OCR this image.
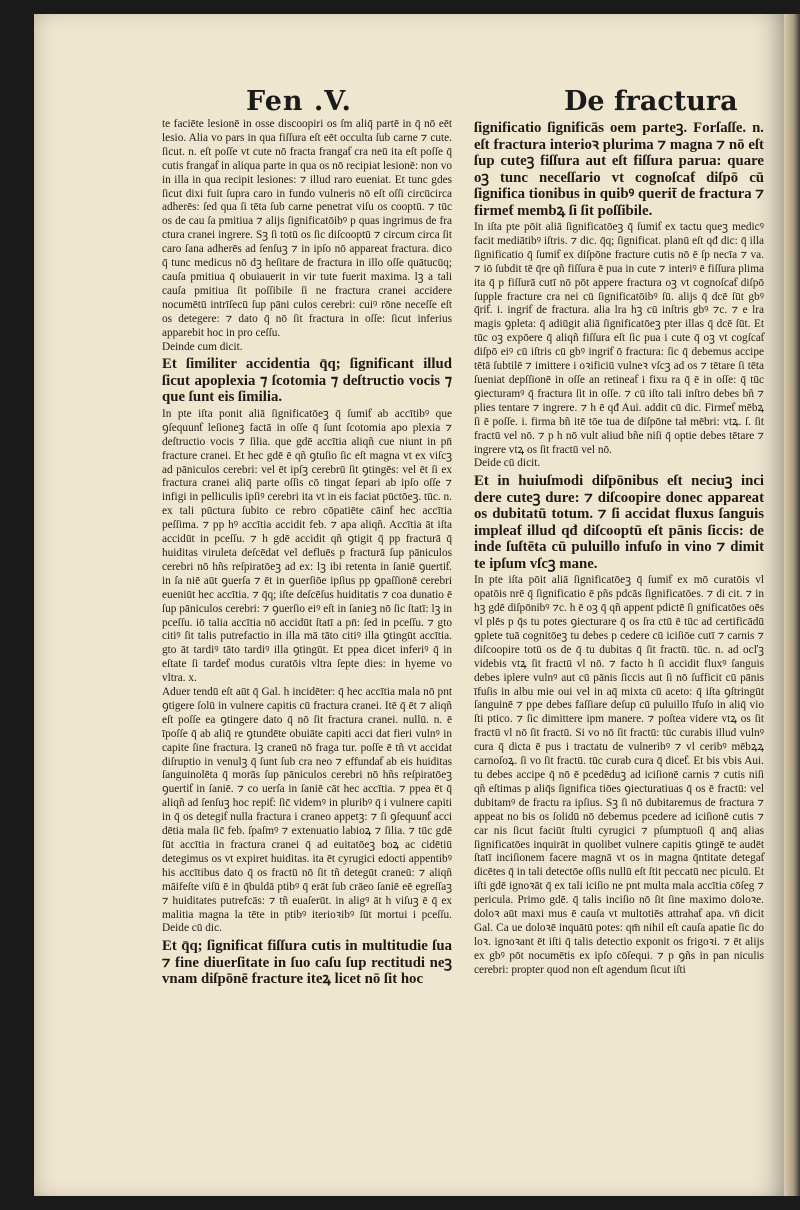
Fen .V.	De fractura

te faciēte lesionē in osse discoopiri os ſm aliq̄ partē in q̄ nō eēt lesio. Alia vo pars in qua fiſſura eſt eēt occulta ſub carne ⁊ cute. ſicut. n. eſt poſſe vt cute nō fracta frangaƭ cra neū ita eſt poſſe q̄ cutis frangaƭ in aliqua parte in qua os nō recipiat lesionē: non vo in illa in qua recipit lesiones: ⁊ illud raro eueniat. Et tunc gdes ſicut dixi fuit ſupra caro in fundo vulneris nō eſt oſſi circūcirca adherēs: ſed qua ſi tēta ſub carne penetrat viſu os cooptū. ⁊ tūc os de cau ſa pmitiua ⁊ alijs ſignificatōibꝰ p quas ingrimus de fra ctura cranei ingrere. Sꝫ ſi totū os ſic diſcooptū ⁊ circum circa ſit caro ſana adherēs ad ſenſuꝫ ⁊ in ipſo nō appareat fractura. dico q̄ tunc medicus nō dꝫ heſitare de fractura in illo oſſe quātucūq; cauſa pmitiua q̄ obuiauerit in vir tute fuerit maxima. lꝫ a tali cauſa pmitiua ſit poſſibile ſi ne fractura cranei accidere nocumētū intrīſecū ſup pāni culos cerebri: cuiꝰ rōne neceſſe eſt os detegere: ⁊ dato q̄ nō ſit fractura in oſſe: ſicut inferius apparebit hoc in pro ceſſu.

Deinde cum dicit.

Et ſimiliter accidentia q̄q; ſignificant illud ſicut apoplexia ⁊ ſcotomia ⁊ deſtructio vocis ⁊ que ſunt eis ſimilia.

In pte iſta ponit aliā ſignificatōeꝫ q̄ ſumiƭ ab accītibꝰ que ꝯſequunƭ leſioneꝫ factā in oſſe q̄ ſunt ſcotomia apo plexia ⁊ deſtructio vocis ⁊ ſilia. que gdē accītia aliqñ cue niunt in pn̄ fracture cranei. Et hec gdē ē qñ ꝯtuſio ſic eſt magna vt ex viſcꝫ ad pāniculos cerebri: vel ēt ipſꝫ cerebrū ſit ꝯtingēs: vel ēt ſi ex fractura cranei aliq̄ parte oſſis cō tingat ſepari ab ipſo oſſe ⁊ infigi in pelliculis ipſiꝰ cerebri ita vt in eis faciat pūctōeꝫ. tūc. n. ex tali pūctura ſubito ce rebro cōpatiēte cāinƭ hec accītia peſſima. ⁊ pp hꝰ accītia accidit feb. ⁊ apa aliqñ. Accītia āt iſta accidūt in pceſſu. ⁊ h gdē accidit qñ ꝯtigit q̄ pp fracturā q̄ huiditas viruleta deſcēdat vel defluēs p fracturā ſup pāniculos cerebri nō hñs reſpiratōeꝫ ad ex: lꝫ ibi retenta in ſaniē ꝯuertiƭ. in ſa niē aūt ꝯuerſa ⁊ ēt in ꝯuerſiōe ipſius pp ꝯpaſſionē cerebri eueniūt hec accītia. ⁊ q̄q; iſte deſcēſus huiditatis ⁊ coa dunatio ē ſup pāniculos cerebri: ⁊ ꝯuerſio eiꝰ eſt in ſanieꝫ nō ſic ſtatī: lꝫ in pceſſu. iō talia accītia nō accidūt ſtatī a pn̄: ſed in pceſſu. ⁊ gto citiꝰ ſit talis putrefactio in illa mā tāto citiꝰ illa ꝯtingūt accītia. gto āt tardiꝰ tāto tardiꝰ illa ꝯtingūt. Et ppea dicet inferiꝰ q̄ in eſtate ſi tardeƭ modus curatōis vltra ſepte dies: in hyeme vo vltra. x.

Aduer tendū eſt aūt q̄ Gal. h incidēter: q̄ hec accītia mala nō pnt ꝯtigere ſolū in vulnere capitis cū fractura cranei. Itē q̄ ēt ⁊ aliqñ eſt poſſe ea ꝯtingere dato q̄ nō ſit fractura cranei. nullū. n. ē īpoſſe q̄ ab aliq̄ re ꝯtundēte obuiāte capiti acci dat fieri vulnꝰ in capite ſine fractura. lꝫ craneū nō fraga tur. poſſe ē tñ vt accidat diſruptio in venulꝫ q̄ ſunt ſub cra neo ⁊ effundaƭ ab eis huiditas ſanguinolēta q̄ morās ſup pāniculos cerebri nō hñs reſpiratōeꝫ ꝯuertiƭ in ſaniē. ⁊ co uerſa in ſaniē cāt hec accītia. ⁊ ppea ēt q̄ aliqñ ad ſenſuꝫ hoc repiƭ: ſic̄ videmꝰ in pluribꝰ q̄ i vulnere capiti in q̄ os detegiƭ nulla fractura i craneo appetꝫ: ⁊ ſi ꝯſequunƭ acci dētia mala ſic̄ feb. ſpaſmꝰ ⁊ extenuatio labioꝝ ⁊ ſilia. ⁊ tūc gdē ſūt accītia in fractura cranei q̄ ad euitatōeꝫ boꝝ ac cidētiū detegimus os vt expiret huiditas. ita ēt cyrugici edocti appentibꝰ his accītibus dato q̄ os fractū nō ſit tñ detegūt craneū: ⁊ aliqñ māifeſte viſū ē in q̄buldā ptibꝰ q̄ erāt ſub crāeo ſaniē eē egreſſaꝫ ⁊ huiditates putrefcās: ⁊ tñ euaſerūt. in aligꝰ āt h viſuꝫ ē q̄ ex malitia magna la tēte in ptibꝰ iterioꝛibꝰ ſūt mortui i pceſſu. Deide cū dic.

Et q̄q; ſignificat fiſſura cutis in multitudie ſua ⁊ fine diuerſitate in ſuo caſu ſup rectitudi neꝫ vnam diſpōnē fracture iteꝝ licet nō ſit hoc

ſignificatio ſignificās oem parteꝫ. Forſaſſe. n. eſt fractura interioꝛ plurima ⁊ magna ⁊ nō eſt ſup cuteꝫ fiſſura aut eſt fiſſura parua: quare oꝫ tunc neceſſario vt cognoſcaƭ diſpō cū ſignifica tionibus in quibꝰ querit̄ de fractura ⁊ firmeƭ membꝝ ſi ſit poſſibile.

In iſta pte pōit aliā ſignificatōeꝫ q̄ ſumiƭ ex tactu queꝫ medicꝰ facit mediātibꝰ iſtris. ⁊ dic. q̄q; ſignificat. planū eſt qđ dic: q̄ illa ſignificatio q̄ ſumiƭ ex diſpōne fracture cutis nō ē ſp necīa ⁊ va. ⁊ iō ſubdit tē q̄re qñ fiſſura ē pua in cute ⁊ interiꝰ ē fiſſura plima ita q̄ p fiſſurā cutī nō pōt appere fractura oꝫ vt cognoſcaƭ diſpō ſupple fracture cra nei cū ſignificatōibꝰ ſū. alijs q̄ dcē ſūt gbꝰ q̄riƭ. i. ingriƭ de fractura. alia lra hꝫ cū inſtris gbꝰ ⁊c. ⁊ e lra magis ꝯpleta: q̄ adiūgit aliā ſignificatōeꝫ pter illas q̄ dcē ſūt. Et tūc oꝫ expōere q̄ aliqñ fiſſura eſt ſic pua i cute q̄ oꝫ vt cogſcaƭ diſpō eiꝰ cū iſtris cū gbꝰ ingriƭ ō fractura: ſic q̄ debemus accipe tētā ſubtilē ⁊ imittere i oꝛificiū vulneꝛ vſcꝫ ad os ⁊ tētare ſi tēta ſueniat depſſionē in oſſe an retineaƭ i fixu ra q̄ ē in oſſe: q̄ tūc ꝯiecturamꝰ q̄ fractura ſit in oſſe. ⁊ cū iſto tali inſtro debes bñ ⁊ plies tentare ⁊ ingrere. ⁊ h ē qđ Aui. addit cū dic. Firmeƭ mēbꝝ ſi ē poſſe. i. firma bñ itē tōe tua de diſpōne taƚ mēbri: vtꝝ. ſ. ſit fractū vel nō. ⁊ p h nō vult aliud bñe niſi q̄ optie debes tētare ⁊ ingrere vtꝝ os ſit fractū vel nō.

Deide cū dicit.

Et in huiuſmodi diſpōnibus eſt neciuꝫ inci dere cuteꝫ dure: ⁊ diſcoopire donec appareat os dubitatū totum. ⁊ ſi accidat fluxus ſanguis impleaƭ illud qđ diſcooptū eſt pānis ſiccis: de inde ſuſtēta cū puluillo infuſo in vino ⁊ dimit te ipſum vſcꝫ mane.

In pte iſta pōit aliā ſignificatōeꝫ q̄ ſumiƭ ex mō curatōis vl opatōis nrē q̄ ſignificatio ē pñs pdcās ſignificatōes. ⁊ di cit. ⁊ in hꝫ gdē diſpōnibꝰ ⁊c. h ē oꝫ q̄ qñ appent pdictē ſi gnificatōes oēs vl plēs p q̄s tu potes ꝯiecturare q̄ os ſra ctū ē tūc ad certificādū ꝯplete tuā cognitōeꝫ tu debes p cedere cū iciſiōe cutī ⁊ carnis ⁊ diſcoopire totū os de q̄ tu dubitas q̄ ſit fractū. tūc. n. ad ocľꝫ videbis vtꝝ ſit fractū vl nō. ⁊ facto h ſi accidit fluxꝰ ſanguis debes iplere vulnꝰ aut cū pānis ſiccis aut ſi nō ſufficit cū pānis īfuſis in albu mie oui vel in aq̄ mixta cū aceto: q̄ iſta ꝯſtringūt ſanguinē ⁊ ppe debes faſſiare deſup cū puluillo īfuſo in aliq̄ vio ſti ptico. ⁊ ſic dimittere ipm manere. ⁊ poſtea videre vtꝝ os ſit fractū vl nō ſit fractū. Si vo nō ſit fractū: tūc curabis illud vulnꝰ cura q̄ dicta ē pus i tractatu de vulneribꝰ ⁊ vl ceribꝰ mēbꝝꝝ carnoſoꝝ. ſi vo ſit fractū. tūc curab cura q̄ diceƭ. Et bis vbis Aui. tu debes accipe q̄ nō ē pcedēduꝫ ad iciſionē carnis ⁊ cutis niſi qñ eſtimas p aliq̄s ſignifica tiōes ꝯiecturatiuas q̄ os ē fractū: vel dubitamꝰ de fractu ra ipſius. Sꝫ ſi nō dubitaremus de fractura ⁊ appeat no bis os ſolidū nō debemus pcedere ad iciſionē cutis ⁊ car nis ſicut faciūt ſtulti cyrugici ⁊ pſumptuoſi q̄ anq̄ alias ſignificatōes inquirāt in quolibet vulnere capitis ꝯtingē te audēt ſtatī inciſionem facere magnā vt os in magna q̄ntitate detegaƭ dicētes q̄ in tali detectōe oſſis nullū eſt ſtit peccatū nec piculū. Et iſti gdē ignoꝛāt q̄ ex tali iciſio ne pnt multa mala accītia cōſeg ⁊ pericula. Primo gdē. q̄ talis inciſio nō ſit ſine maximo doloꝛe. doloꝛ aūt maxi mus ē cauſa vt multotiēs attrahaƭ apa. vn̄ dicit Gal. Ca ue doloꝛē inquātū potes: qm̄ nihil eſt cauſa apatie ſic do loꝛ. ignoꝛant ēt iſti q̄ talis detectio exponit os frigoꝛi. ⁊ ēt alijs ex gbꝰ pōt nocumētis ex ipſo cōſequi. ⁊ p ꝯñs in pan niculis cerebri: propter quod non eſt agendum ſicut iſti
